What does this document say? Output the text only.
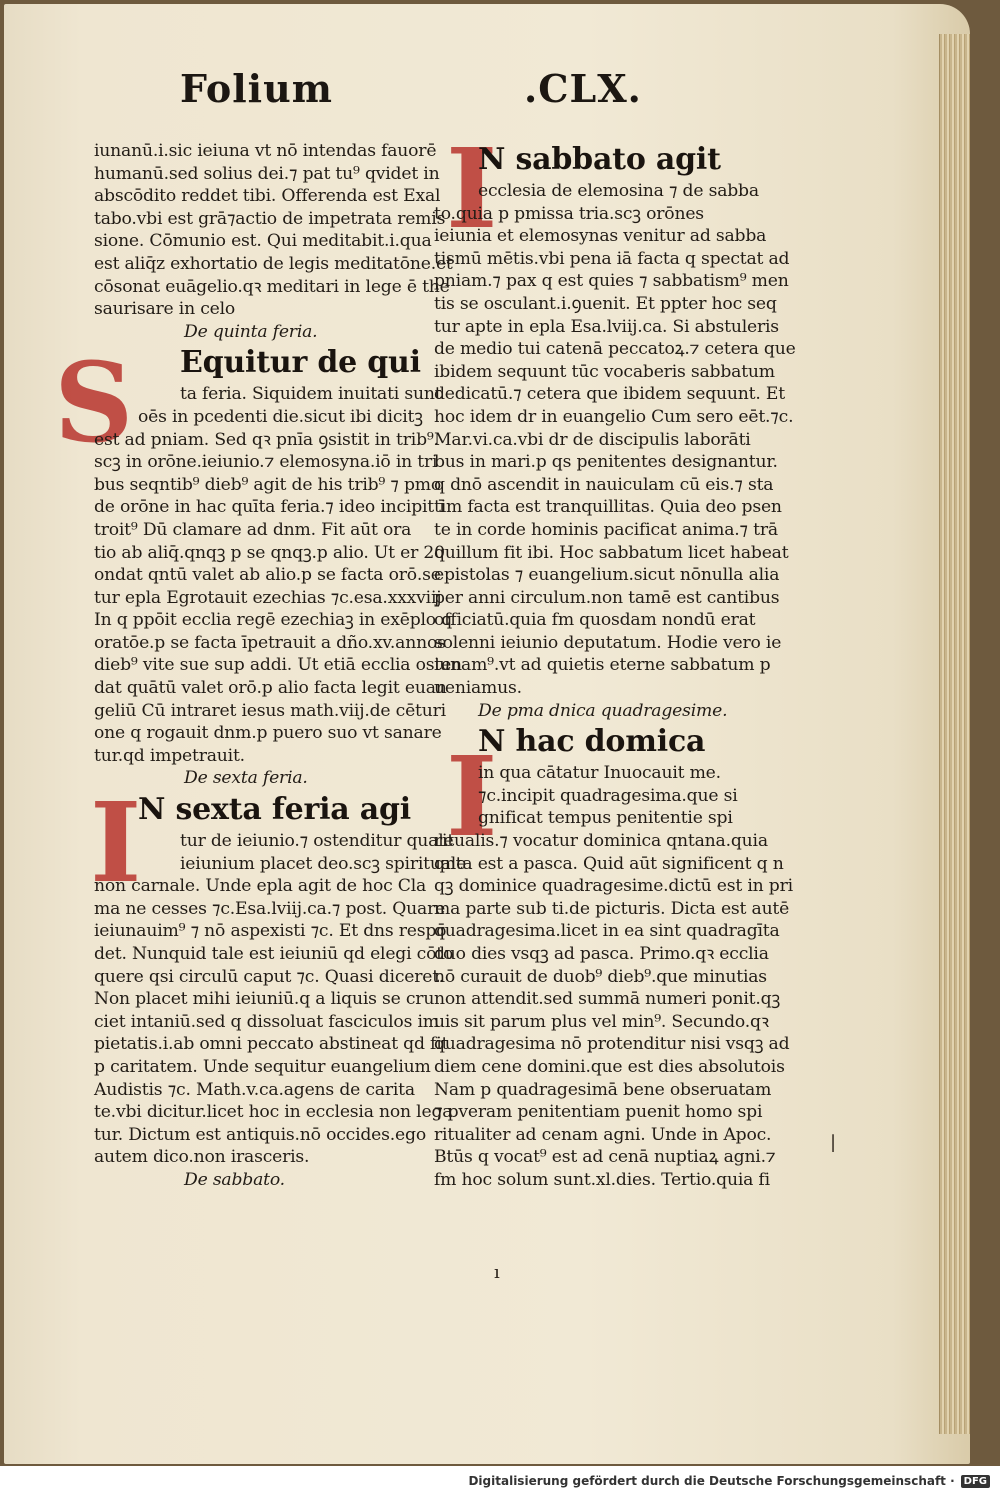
Folium	.CLX.
S
I
I
I
iunanū.i.sic ieiuna vt nō intendas fauorē
humanū.sed solius dei.⁊ pat tu⁹ qvidet in
abscōdito reddet tibi. Offerenda est Exal
tabo.vbi est grā⁊actio de impetrata remis
sione. Cōmunio est. Qui meditabit.i.qua
est aliq̄z exhortatio de legis meditatōne.et
cōsonat euāgelio.qꝛ meditari in lege ē the
saurisare in celo
De quinta feria.
Equitur de qui
ta feria. Siquidem inuitati sunt
oēs in pcedenti die.sicut ibi dicitꝫ
est ad pniam. Sed qꝛ pnīa ꝯsistit in trib⁹.
scꝫ in orōne.ieiunio.⁊ elemosyna.iō in tri
bus seqntib⁹ dieb⁹ agit de his trib⁹ ⁊ pmo
de orōne in hac quīta feria.⁊ ideo incipit ī
troit⁹ Dū clamare ad dnm. Fit aūt ora
tio ab aliq̄.qnqꝫ p se qnqꝫ.p alio. Ut er 20
ondat qntū valet ab alio.p se facta orō.se
tur epla Egrotauit ezechias ⁊c.esa.xxxviij
In q ppōit ecclia regē ezechiaꝫ in exēplo q
oratōe.p se facta īpetrauit a dño.xv.annos
dieb⁹ vite sue sup addi. Ut etiā ecclia osten
dat quātū valet orō.p alio facta legit euan
geliū Cū intraret iesus math.viij.de cēturi
one q rogauit dnm.p puero suo vt sanare
tur.qd impetrauit.
De sexta feria.
N sexta feria agi
tur de ieiunio.⁊ ostenditur quale
ieiunium placet deo.scꝫ spirituale
non carnale. Unde epla agit de hoc Cla
ma ne cesses ⁊c.Esa.lviij.ca.⁊ post. Quare
ieiunauim⁹ ⁊ nō aspexisti ⁊c. Et dns respō
det. Nunquid tale est ieiuniū qd elegi cōto
quere qsi circulū caput ⁊c. Quasi diceret.
Non placet mihi ieiuniū.q a liquis se cru
ciet intaniū.sed q dissoluat fasciculos im
pietatis.i.ab omni peccato abstineat qd fit
p caritatem. Unde sequitur euangelium
Audistis ⁊c. Math.v.ca.agens de carita
te.vbi dicitur.licet hoc in ecclesia non lega
tur. Dictum est antiquis.nō occides.ego
autem dico.non irasceris.
De sabbato.
N sabbato agit
ecclesia de elemosina ⁊ de sabba
to.quia p pmissa tria.scꝫ orōnes
ieiunia et elemosynas venitur ad sabba
tismū mētis.vbi pena iā facta q spectat ad
pniam.⁊ pax q est quies ⁊ sabbatism⁹ men
tis se osculant.i.ꝯuenit. Et ppter hoc seq
tur apte in epla Esa.lviij.ca. Si abstuleris
de medio tui catenā peccatoꝝ.⁊ cetera que
ibidem sequunt tūc vocaberis sabbatum
dedicatū.⁊ cetera que ibidem sequunt. Et
hoc idem dr in euangelio Cum sero eēt.⁊c.
Mar.vi.ca.vbi dr de discipulis laborāti
bus in mari.p qs penitentes designantur.
q dnō ascendit in nauiculam cū eis.⁊ sta
tim facta est tranquillitas. Quia deo psen
te in corde hominis pacificat anima.⁊ trā
quillum fit ibi. Hoc sabbatum licet habeat
epistolas ⁊ euangelium.sicut nōnulla alia
per anni circulum.non tamē est cantibus
officiatū.quia fm quosdam nondū erat
solenni ieiunio deputatum. Hodie vero ie
iunam⁹.vt ad quietis eterne sabbatum p
ueniamus.
De pma dnica quadragesime.
N hac domica
in qua cātatur Inuocauit me.
⁊c.incipit quadragesima.que si
gnificat tempus penitentie spi
ritualis.⁊ vocatur dominica qntana.quia
qnta est a pasca. Quid aūt significent q n
qꝫ dominice quadragesime.dictū est in pri
ma parte sub ti.de picturis. Dicta est autē
quadragesima.licet in ea sint quadragīta
duo dies vsqꝫ ad pasca. Primo.qꝛ ecclia
nō curauit de duob⁹ dieb⁹.que minutias
non attendit.sed summā numeri ponit.qꝫ
uis sit parum plus vel min⁹. Secundo.qꝛ
quadragesima nō protenditur nisi vsqꝫ ad
diem cene domini.que est dies absolutois
Nam p quadragesimā bene obseruatam
⁊ pveram penitentiam puenit homo spi
ritualiter ad cenam agni. Unde in Apoc.
Btūs q vocat⁹ est ad cenā nuptiaꝝ agni.⁊
fm hoc solum sunt.xl.dies. Tertio.quia fi
|
ı
Digitalisierung gefördert durch die Deutsche Forschungsgemeinschaft · DFG
